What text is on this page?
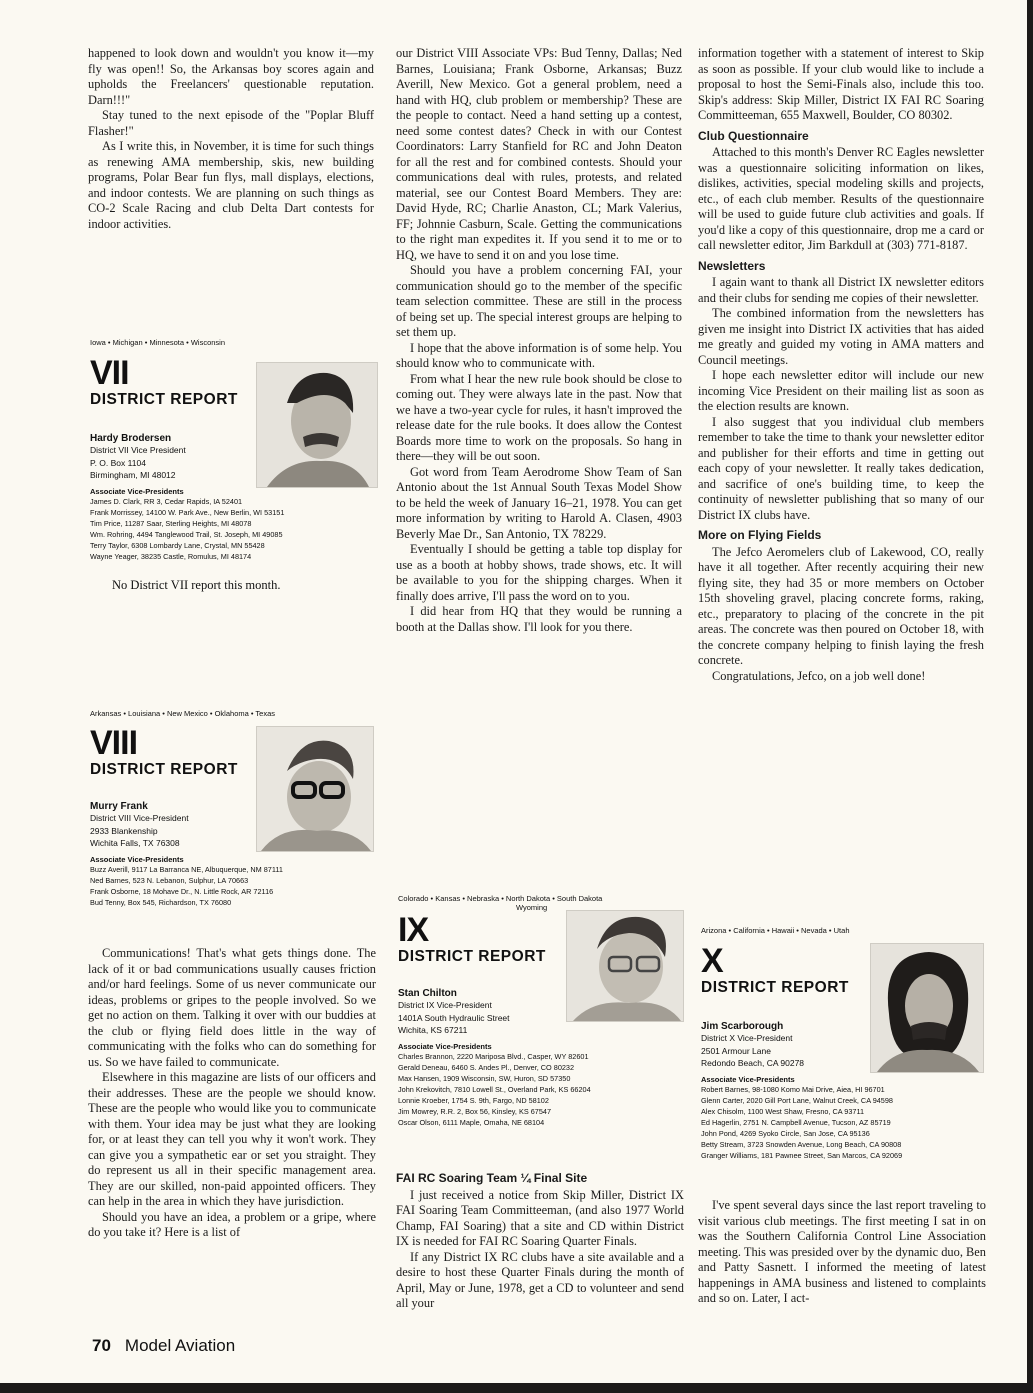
happened to look down and wouldn't you know it—my fly was open!! So, the Arkansas boy scores again and upholds the Freelancers' questionable reputation. Darn!!!"

Stay tuned to the next episode of the "Poplar Bluff Flasher!"

As I write this, in November, it is time for such things as renewing AMA membership, skis, new building programs, Polar Bear fun flys, mall displays, elections, and indoor contests. We are planning on such things as CO-2 Scale Racing and club Delta Dart contests for indoor activities.

Iowa • Michigan • Minnesota • Wisconsin
VII
DISTRICT REPORT
Hardy Brodersen
District VII Vice President
P. O. Box 1104
Birmingham, MI 48012
Associate Vice-Presidents
James D. Clark, RR 3, Cedar Rapids, IA 52401
Frank Morrissey, 14100 W. Park Ave., New Berlin, WI 53151
Tim Price, 11287 Saar, Sterling Heights, MI 48078
Wm. Rohring, 4494 Tanglewood Trail, St. Joseph, MI 49085
Terry Taylor, 6308 Lombardy Lane, Crystal, MN 55428
Wayne Yeager, 38235 Castle, Romulus, MI 48174
No District VII report this month.
Arkansas • Louisiana • New Mexico • Oklahoma • Texas
VIII
DISTRICT REPORT
Murry Frank
District VIII Vice-President
2933 Blankenship
Wichita Falls, TX 76308
Associate Vice-Presidents
Buzz Averill, 9117 La Barranca NE, Albuquerque, NM 87111
Ned Barnes, 523 N. Lebanon, Sulphur, LA 70663
Frank Osborne, 18 Mohave Dr., N. Little Rock, AR 72116
Bud Tenny, Box 545, Richardson, TX 76080

Communications! That's what gets things done. The lack of it or bad communications usually causes friction and/or hard feelings. Some of us never communicate our ideas, problems or gripes to the people involved. So we get no action on them. Talking it over with our buddies at the club or flying field does little in the way of communicating with the folks who can do something for us. So we have failed to communicate.

Elsewhere in this magazine are lists of our officers and their addresses. These are the people we should know. These are the people who would like you to communicate with them. Your idea may be just what they are looking for, or at least they can tell you why it won't work. They can give you a sympathetic ear or set you straight. They do represent us all in their specific management area. They are our skilled, non-paid appointed officers. They can help in the area in which they have jurisdiction.

Should you have an idea, a problem or a gripe, where do you take it? Here is a list of

our District VIII Associate VPs: Bud Tenny, Dallas; Ned Barnes, Louisiana; Frank Osborne, Arkansas; Buzz Averill, New Mexico. Got a general problem, need a hand with HQ, club problem or membership? These are the people to contact. Need a hand setting up a contest, need some contest dates? Check in with our Contest Coordinators: Larry Stanfield for RC and John Deaton for all the rest and for combined contests. Should your communications deal with rules, protests, and related material, see our Contest Board Members. They are: David Hyde, RC; Charlie Anaston, CL; Mark Valerius, FF; Johnnie Casburn, Scale. Getting the communications to the right man expedites it. If you send it to me or to HQ, we have to send it on and you lose time.

Should you have a problem concerning FAI, your communication should go to the member of the specific team selection committee. These are still in the process of being set up. The special interest groups are helping to set them up.

I hope that the above information is of some help. You should know who to communicate with.

From what I hear the new rule book should be close to coming out. They were always late in the past. Now that we have a two-year cycle for rules, it hasn't improved the release date for the rule books. It does allow the Contest Boards more time to work on the proposals. So hang in there—they will be out soon.

Got word from Team Aerodrome Show Team of San Antonio about the 1st Annual South Texas Model Show to be held the week of January 16–21, 1978. You can get more information by writing to Harold A. Clasen, 4903 Beverly Mae Dr., San Antonio, TX 78229.

Eventually I should be getting a table top display for use as a booth at hobby shows, trade shows, etc. It will be available to you for the shipping charges. When it finally does arrive, I'll pass the word on to you.

I did hear from HQ that they would be running a booth at the Dallas show. I'll look for you there.

Colorado • Kansas • Nebraska • North Dakota • South Dakota
Wyoming
IX
DISTRICT REPORT
Stan Chilton
District IX Vice-President
1401A South Hydraulic Street
Wichita, KS 67211
Associate Vice-Presidents
Charles Brannon, 2220 Mariposa Blvd., Casper, WY 82601
Gerald Deneau, 6460 S. Andes Pl., Denver, CO 80232
Max Hansen, 1909 Wisconsin, SW, Huron, SD 57350
John Krekovitch, 7810 Lowell St., Overland Park, KS 66204
Lonnie Kroeber, 1754 S. 9th, Fargo, ND 58102
Jim Mowrey, R.R. 2, Box 56, Kinsley, KS 67547
Oscar Olson, 6111 Maple, Omaha, NE 68104
FAI RC Soaring Team ¼ Final Site

I just received a notice from Skip Miller, District IX FAI Soaring Team Committeeman, (and also 1977 World Champ, FAI Soaring) that a site and CD within District IX is needed for FAI RC Soaring Quarter Finals.

If any District IX RC clubs have a site available and a desire to host these Quarter Finals during the month of April, May or June, 1978, get a CD to volunteer and send all your

information together with a statement of interest to Skip as soon as possible. If your club would like to include a proposal to host the Semi-Finals also, include this too. Skip's address: Skip Miller, District IX FAI RC Soaring Committeeman, 655 Maxwell, Boulder, CO 80302.

Club Questionnaire

Attached to this month's Denver RC Eagles newsletter was a questionnaire soliciting information on likes, dislikes, activities, special modeling skills and projects, etc., of each club member. Results of the questionnaire will be used to guide future club activities and goals. If you'd like a copy of this questionnaire, drop me a card or call newsletter editor, Jim Barkdull at (303) 771-8187.

Newsletters

I again want to thank all District IX newsletter editors and their clubs for sending me copies of their newsletter.

The combined information from the newsletters has given me insight into District IX activities that has aided me greatly and guided my voting in AMA matters and Council meetings.

I hope each newsletter editor will include our new incoming Vice President on their mailing list as soon as the election results are known.

I also suggest that you individual club members remember to take the time to thank your newsletter editor and publisher for their efforts and time in getting out each copy of your newsletter. It really takes dedication, and sacrifice of one's building time, to keep the continuity of newsletter publishing that so many of our District IX clubs have.

More on Flying Fields

The Jefco Aeromelers club of Lakewood, CO, really have it all together. After recently acquiring their new flying site, they had 35 or more members on October 15th shoveling gravel, placing concrete forms, raking, etc., preparatory to placing of the concrete in the pit areas. The concrete was then poured on October 18, with the concrete company helping to finish laying the fresh concrete.

Congratulations, Jefco, on a job well done!

Arizona • California • Hawaii • Nevada • Utah
X
DISTRICT REPORT
Jim Scarborough
District X Vice-President
2501 Armour Lane
Redondo Beach, CA 90278
Associate Vice-Presidents
Robert Barnes, 98-1080 Komo Mai Drive, Aiea, HI 96701
Glenn Carter, 2020 Gill Port Lane, Walnut Creek, CA 94598
Alex Chisolm, 1100 West Shaw, Fresno, CA 93711
Ed Hagerlin, 2751 N. Campbell Avenue, Tucson, AZ 85719
John Pond, 4269 Syoko Circle, San Jose, CA 95136
Betty Stream, 3723 Snowden Avenue, Long Beach, CA 90808
Granger Williams, 181 Pawnee Street, San Marcos, CA 92069

I've spent several days since the last report traveling to visit various club meetings. The first meeting I sat in on was the Southern California Control Line Association meeting. This was presided over by the dynamic duo, Ben and Patty Sasnett. I informed the meeting of latest happenings in AMA business and listened to complaints and so on. Later, I act-

70 Model Aviation
